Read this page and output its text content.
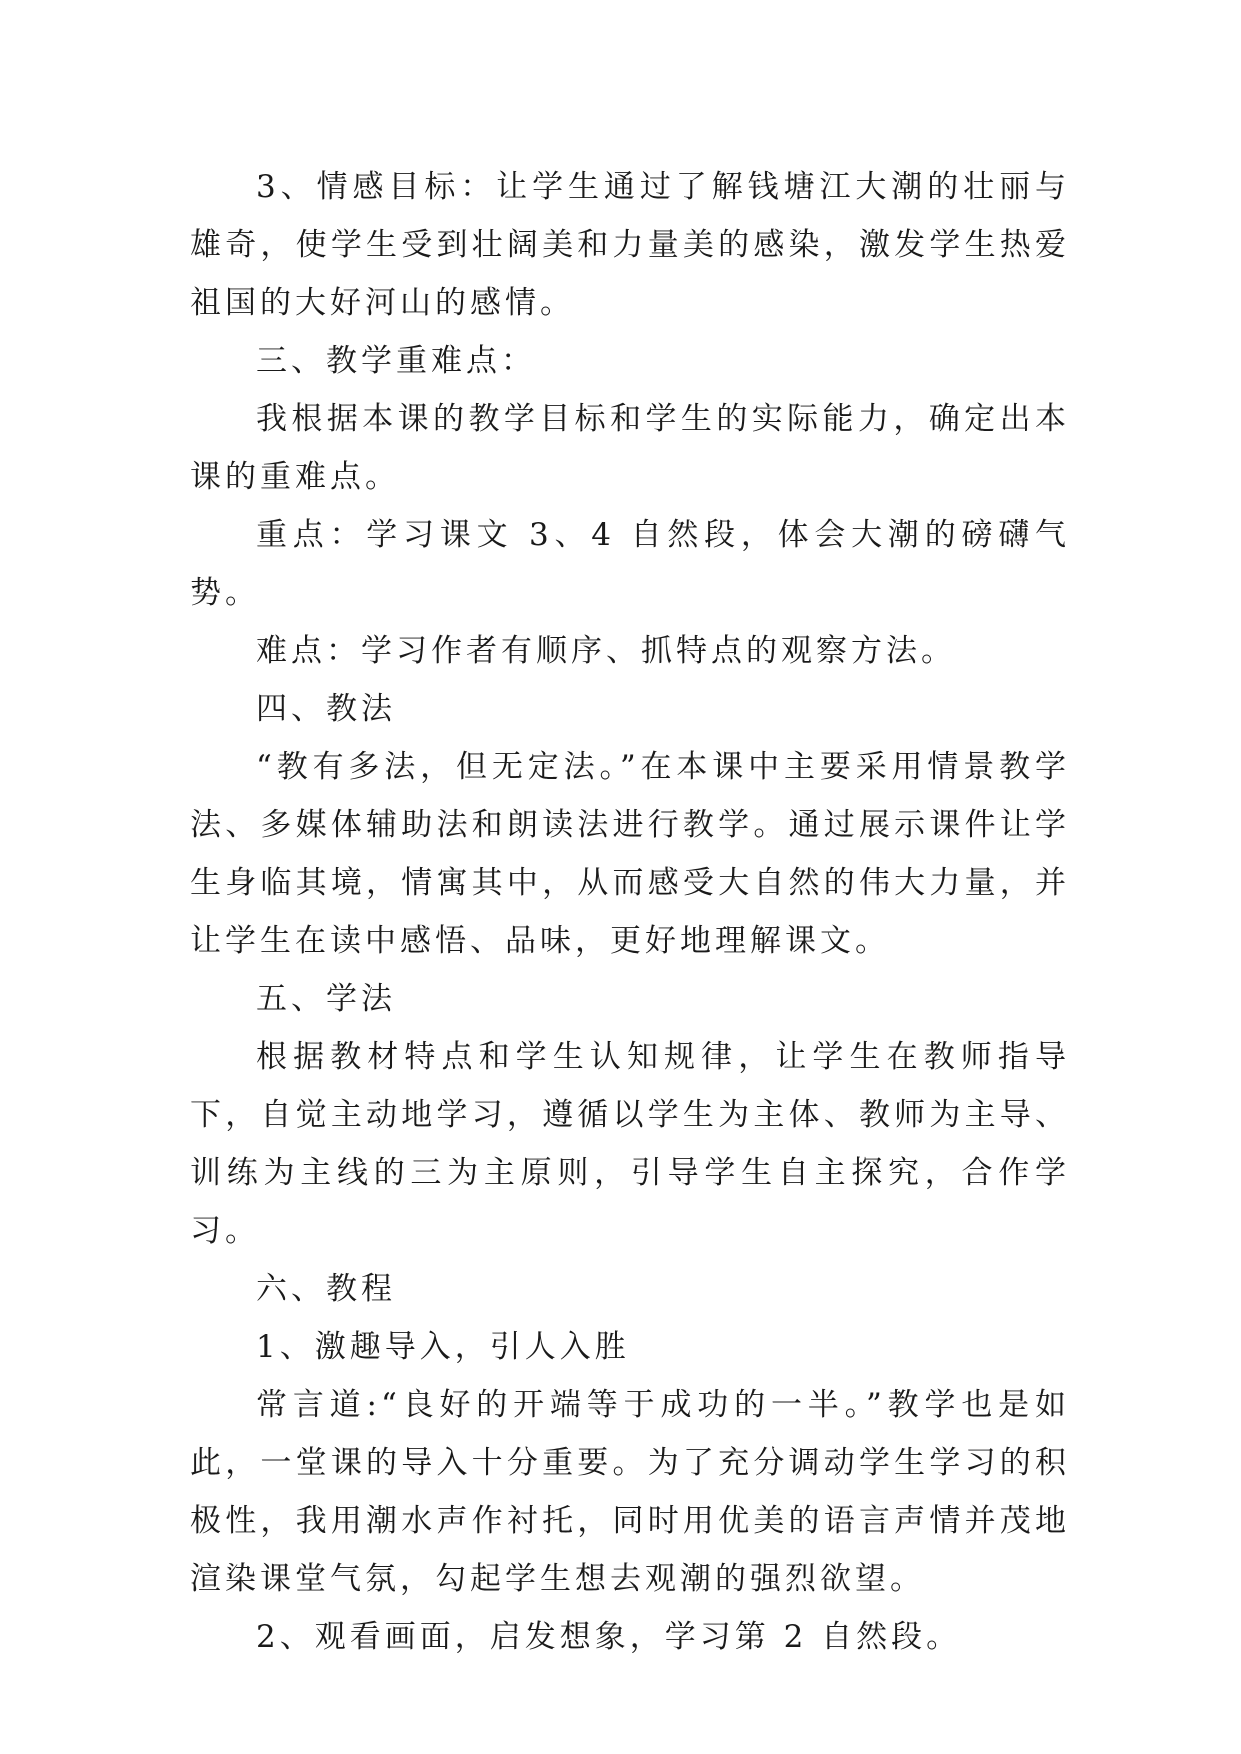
3、情感目标：让学生通过了解钱塘江大潮的壮丽与雄奇，使学生受到壮阔美和力量美的感染，激发学生热爱祖国的大好河山的感情。

三、教学重难点：

我根据本课的教学目标和学生的实际能力，确定出本课的重难点。

重点：学习课文 3、4 自然段，体会大潮的磅礴气势。

难点：学习作者有顺序、抓特点的观察方法。

四、教法

“教有多法，但无定法。”在本课中主要采用情景教学法、多媒体辅助法和朗读法进行教学。通过展示课件让学生身临其境，情寓其中，从而感受大自然的伟大力量，并让学生在读中感悟、品味，更好地理解课文。

五、学法

根据教材特点和学生认知规律，让学生在教师指导下，自觉主动地学习，遵循以学生为主体、教师为主导、训练为主线的三为主原则，引导学生自主探究，合作学习。

六、教程

1、激趣导入，引人入胜

常言道:“良好的开端等于成功的一半。”教学也是如此，一堂课的导入十分重要。为了充分调动学生学习的积极性，我用潮水声作衬托，同时用优美的语言声情并茂地渲染课堂气氛，勾起学生想去观潮的强烈欲望。

2、观看画面，启发想象，学习第 2 自然段。
